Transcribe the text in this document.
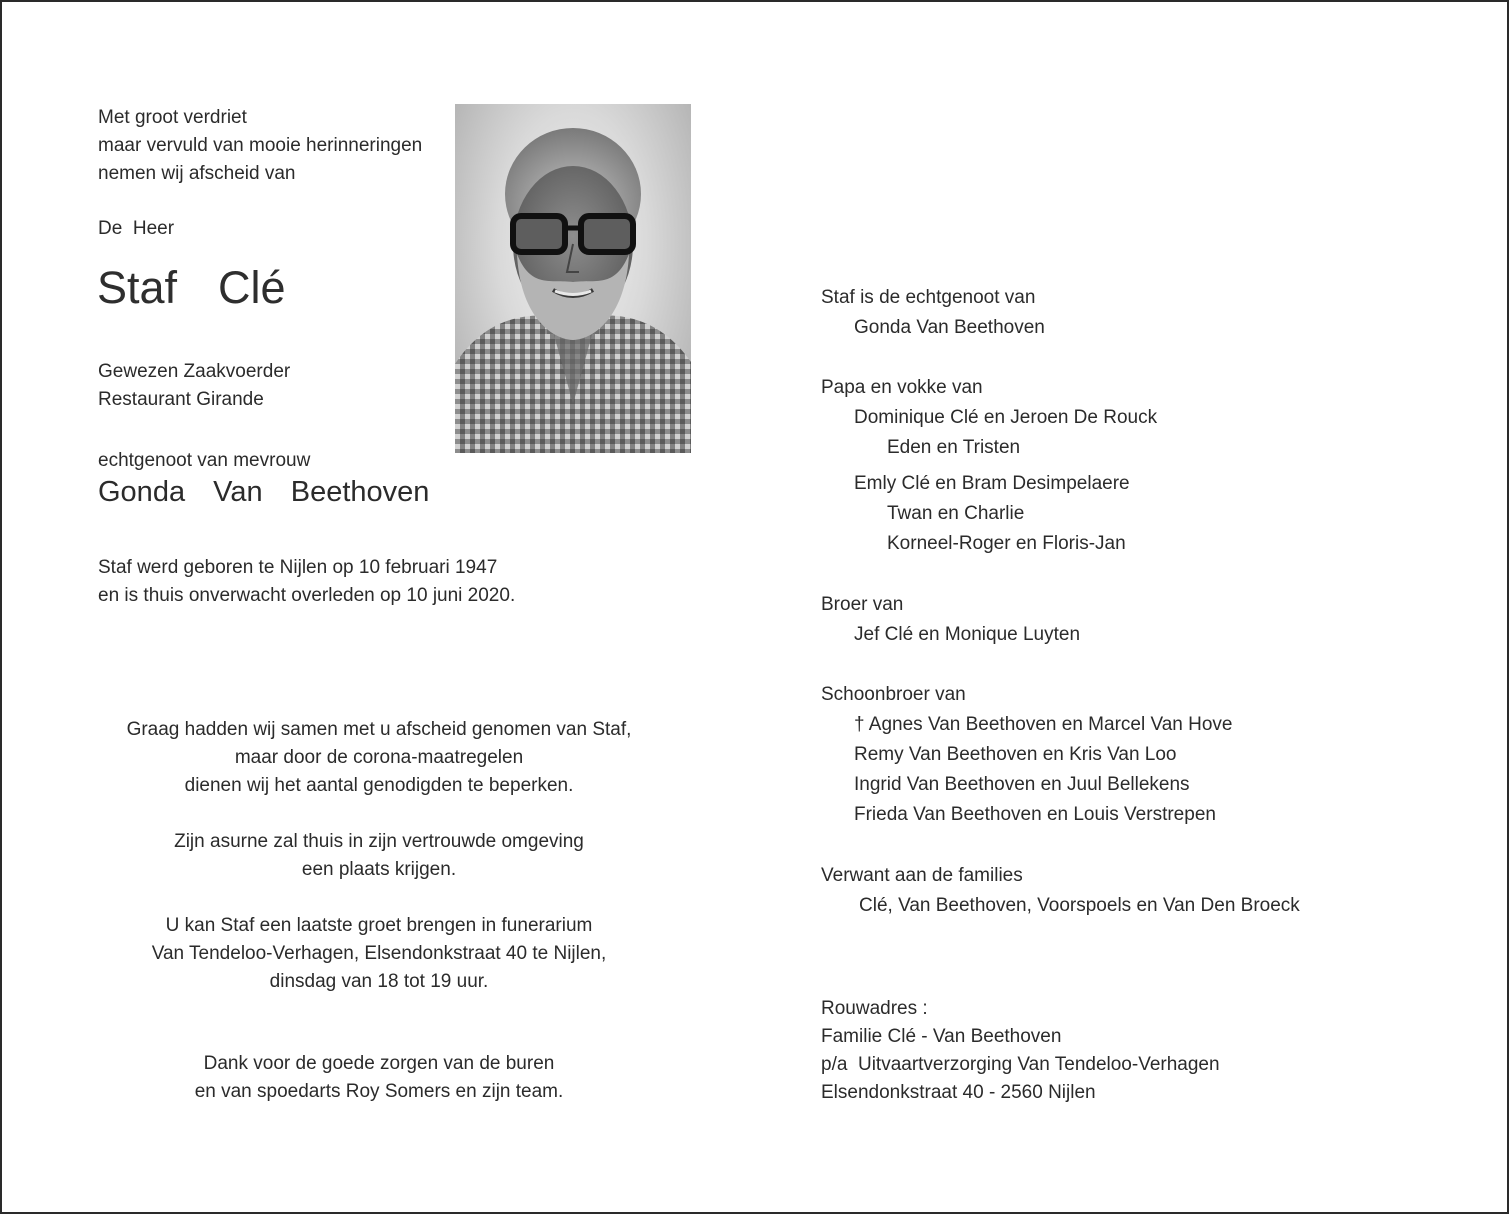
Met groot verdriet
maar vervuld van mooie herinneringen
nemen wij afscheid van
De  Heer
Staf  Clé
Gewezen Zaakvoerder
Restaurant Girande
echtgenoot van mevrouw
Gonda  Van  Beethoven
Staf werd geboren te Nijlen op 10 februari 1947
en is thuis onverwacht overleden op 10 juni 2020.
Graag hadden wij samen met u afscheid genomen van Staf,
maar door de corona-maatregelen
dienen wij het aantal genodigden te beperken.
Zijn asurne zal thuis in zijn vertrouwde omgeving
een plaats krijgen.
U kan Staf een laatste groet brengen in funerarium
Van Tendeloo-Verhagen, Elsendonkstraat 40 te Nijlen,
dinsdag van 18 tot 19 uur.
Dank voor de goede zorgen van de buren
en van spoedarts Roy Somers en zijn team.
Staf is de echtgenoot van
Gonda Van Beethoven
Papa en vokke van
Dominique Clé en Jeroen De Rouck
Eden en Tristen
Emly Clé en Bram Desimpelaere
Twan en Charlie
Korneel-Roger en Floris-Jan
Broer van
Jef Clé en Monique Luyten
Schoonbroer van
† Agnes Van Beethoven en Marcel Van Hove
Remy Van Beethoven en Kris Van Loo
Ingrid Van Beethoven en Juul Bellekens
Frieda Van Beethoven en Louis Verstrepen
Verwant aan de families
Clé, Van Beethoven, Voorspoels en Van Den Broeck
Rouwadres :
Familie Clé - Van Beethoven
p/a  Uitvaartverzorging Van Tendeloo-Verhagen
Elsendonkstraat 40 - 2560 Nijlen
